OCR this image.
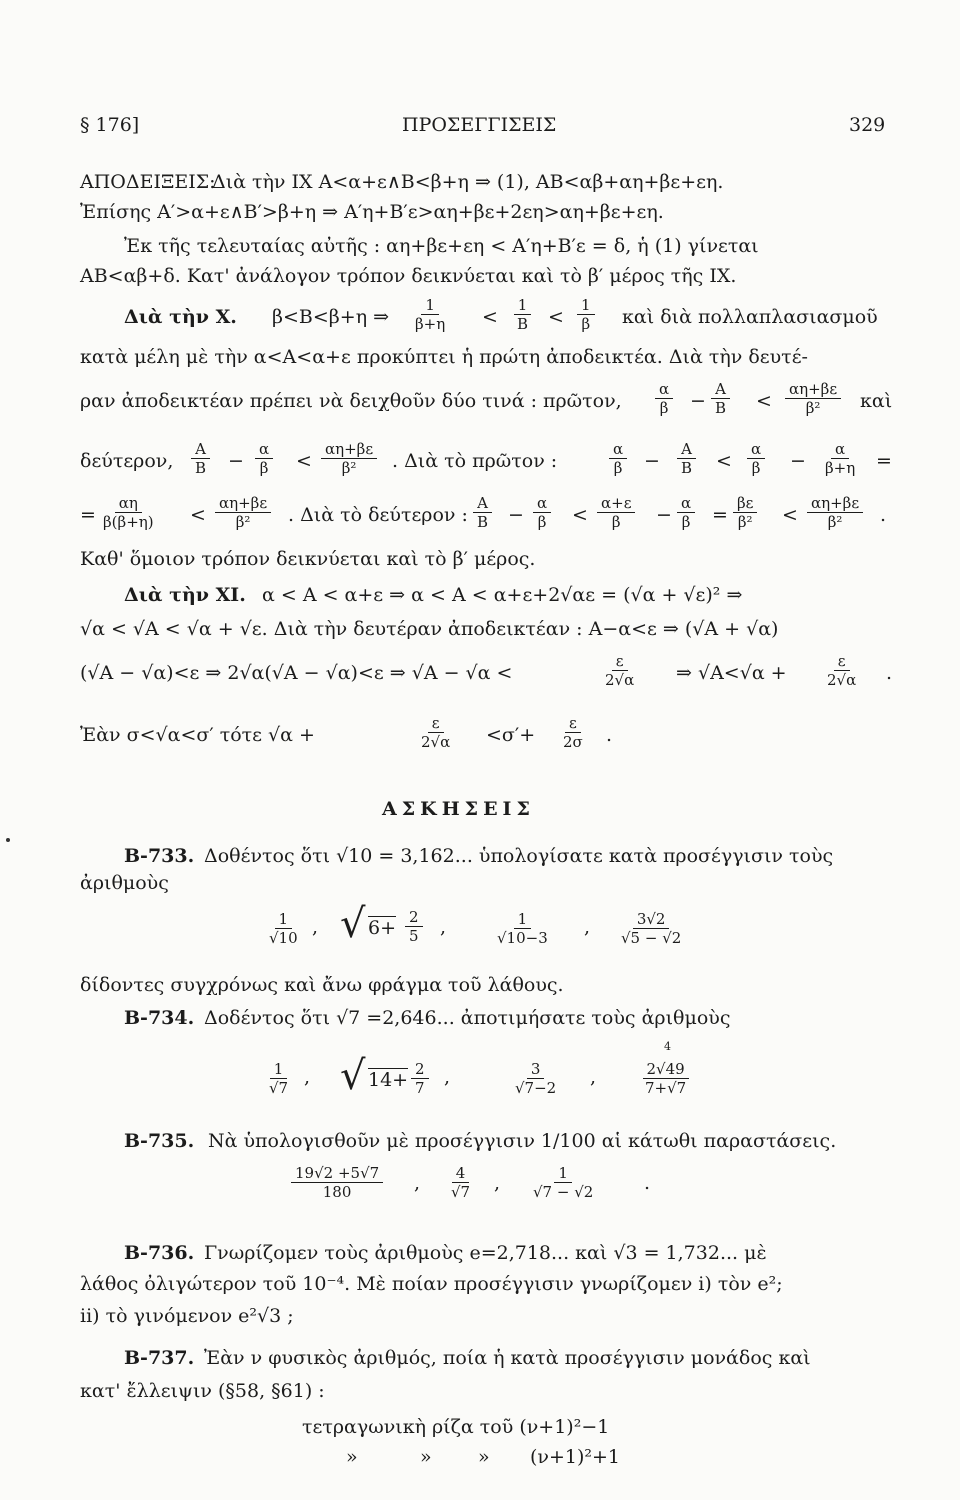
§ 176]	ΠΡΟΣΕΓΓΙΣΕΙΣ	329
ΑΠΟΔΕΙΞΕΙΣ:
Διὰ τὴν IX Α<α+ε∧Β<β+η ⇒ (1), ΑΒ<αβ+αη+βε+εη.
Ἐπίσης Α′>α+ε∧Β′>β+η ⇒ Α′η+Β′ε>αη+βε+2εη>αη+βε+εη.
Ἐκ τῆς τελευταίας αὐτῆς : αη+βε+εη < Α′η+Β′ε = δ, ἡ (1) γίνεται
ΑΒ<αβ+δ. Κατ' ἀνάλογον τρόπον δεικνύεται καὶ τὸ β′ μέρος τῆς IX.
Διὰ τὴν X. β<Β<β+η ⇒ $\frac{1}{\beta+\eta} < \frac{1}{B} < \frac{1}{\beta}$ καὶ διὰ πολλαπλασιασμοῦ
κατὰ μέλη μὲ τὴν α<Α<α+ε προκύπτει ἡ πρώτη ἀποδεικτέα. Διὰ τὴν δευτέ-
ραν ἀποδεικτέαν πρέπει νὰ δειχθοῦν δύο τινά : πρῶτον, $\frac{\alpha}{\beta} - \frac{A}{B} < \frac{\alpha\eta+\beta\varepsilon}{\text{β²}}$ καὶ
δεύτερον, $\frac{A}{B} - \frac{\alpha}{\beta} < \frac{\alpha\eta+\beta\varepsilon}{\text{β²}}$ . Διὰ τὸ πρῶτον :	$\frac{\alpha}{\beta} - \frac{A}{B} < \frac{\alpha}{\beta} - \frac{\alpha}{\beta+\eta}$ =
= $\frac{\alpha\eta}{\beta(\beta+\eta)} < \frac{\alpha\eta+\beta\varepsilon}{\text{β²}}$ . Διὰ τὸ δεύτερον : $\frac{A}{B} - \frac{\alpha}{\beta} < \frac{\alpha+\varepsilon}{\beta} - \frac{\alpha}{\beta} = \frac{\beta\varepsilon}{\text{β²}} < \frac{\alpha\eta+\beta\varepsilon}{\text{β²}}$ .
Καθ' ὅμοιον τρόπον δεικνύεται καὶ τὸ β′ μέρος.
Διὰ τὴν XI. α < Α < α+ε ⇒ α < Α < α+ε+2√αε = (√α + √ε)² ⇒
√α < √Α < √α + √ε. Διὰ τὴν δευτέραν ἀποδεικτέαν : Α−α<ε ⇒ (√Α + √α)
(√Α − √α)<ε ⇒ 2√α(√Α − √α)<ε ⇒ √Α − √α <	$\frac{\varepsilon}{2√\alpha}$ ⇒ $√A<√\alpha + \frac{\varepsilon}{2√\alpha}$ .
Ἐὰν σ<√α<σ′ τότε √α +	$\frac{\varepsilon}{2√\alpha} <\sigma'+ \frac{\varepsilon}{2\sigma}$ .
ΑΣΚΗΣΕΙΣ
Β-733. Δοθέντος ὅτι √10 = 3,162... ὑπολογίσατε κατὰ προσέγγισιν τοὺς
ἀριθμοὺς
$\frac{1}{√10}$ , √ $6+ \frac{2}{5}$ ,	$\frac{1}{√10-3}$ , $\frac{3√2}{√5 - √2}$
δίδοντες συγχρόνως καὶ ἄνω φράγμα τοῦ λάθους.
Β-734. Δοδέντος ὅτι √7 =2,646... ἀποτιμήσατε τοὺς ἀριθμοὺς
$\frac{1}{√7}$ , √ $14+ \frac{2}{7}$ ,	$\frac{3}{√7-2}$ ,
4
$\frac{2√49}{7+√7}$
Β-735. Νὰ ὑπολογισθοῦν μὲ προσέγγισιν 1/100 αἱ κάτωθι παραστάσεις.
$\frac{19√2 +5√7}{180}$ , $\frac{4}{√7}$ , $\frac{1}{√7 - √2}$ .
Β-736. Γνωρίζομεν τοὺς ἀριθμοὺς e=2,718... καὶ √3 = 1,732... μὲ
λάθος ὀλιγώτερον τοῦ 10⁻⁴. Μὲ ποίαν προσέγγισιν γνωρίζομεν i) τὸν e²;
ii) τὸ γινόμενον e²√3 ;
Β-737. Ἐὰν ν φυσικὸς ἀριθμός, ποία ἡ κατὰ προσέγγισιν μονάδος καὶ
κατ' ἔλλειψιν (§58, §61) :
τετραγωνικὴ ρίζα τοῦ (ν+1)²−1
»	» » (ν+1)²+1
